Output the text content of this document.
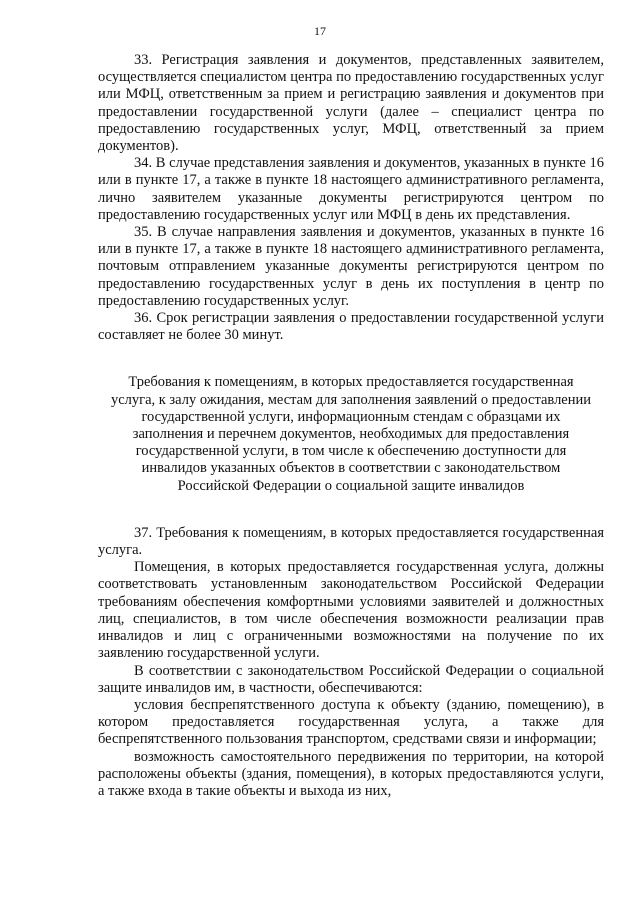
17

33. Регистрация заявления и документов, представленных заявителем, осуществляется специалистом центра по предоставлению государственных услуг или МФЦ, ответственным за прием и регистрацию заявления и документов при предоставлении государственной услуги (далее – специалист центра по предоставлению государственных услуг, МФЦ, ответственный за прием документов).

34. В случае представления заявления и документов, указанных в пункте 16 или в пункте 17, а также в пункте 18 настоящего административного регламента, лично заявителем указанные документы регистрируются центром по предоставлению государственных услуг или МФЦ в день их представления.

35. В случае направления заявления и документов, указанных в пункте 16 или в пункте 17, а также в пункте 18 настоящего административного регламента, почтовым отправлением указанные документы регистрируются центром по предоставлению государственных услуг в день их поступления в центр по предоставлению государственных услуг.

36. Срок регистрации заявления о предоставлении государственной услуги составляет не более 30 минут.

Требования к помещениям, в которых предоставляется государственная услуга, к залу ожидания, местам для заполнения заявлений о предоставлении государственной услуги, информационным стендам с образцами их заполнения и перечнем документов, необходимых для предоставления государственной услуги, в том числе к обеспечению доступности для инвалидов указанных объектов в соответствии с законодательством Российской Федерации о социальной защите инвалидов

37. Требования к помещениям, в которых предоставляется государственная услуга.

Помещения, в которых предоставляется государственная услуга, должны соответствовать установленным законодательством Российской Федерации требованиям обеспечения комфортными условиями заявителей и должностных лиц, специалистов, в том числе обеспечения возможности реализации прав инвалидов и лиц с ограниченными возможностями на получение по их заявлению государственной услуги.

В соответствии с законодательством Российской Федерации о социальной защите инвалидов им, в частности, обеспечиваются:

условия беспрепятственного доступа к объекту (зданию, помещению), в котором предоставляется государственная услуга, а также для беспрепятственного пользования транспортом, средствами связи и информации;

возможность самостоятельного передвижения по территории, на которой расположены объекты (здания, помещения), в которых предоставляются услуги, а также входа в такие объекты и выхода из них,
